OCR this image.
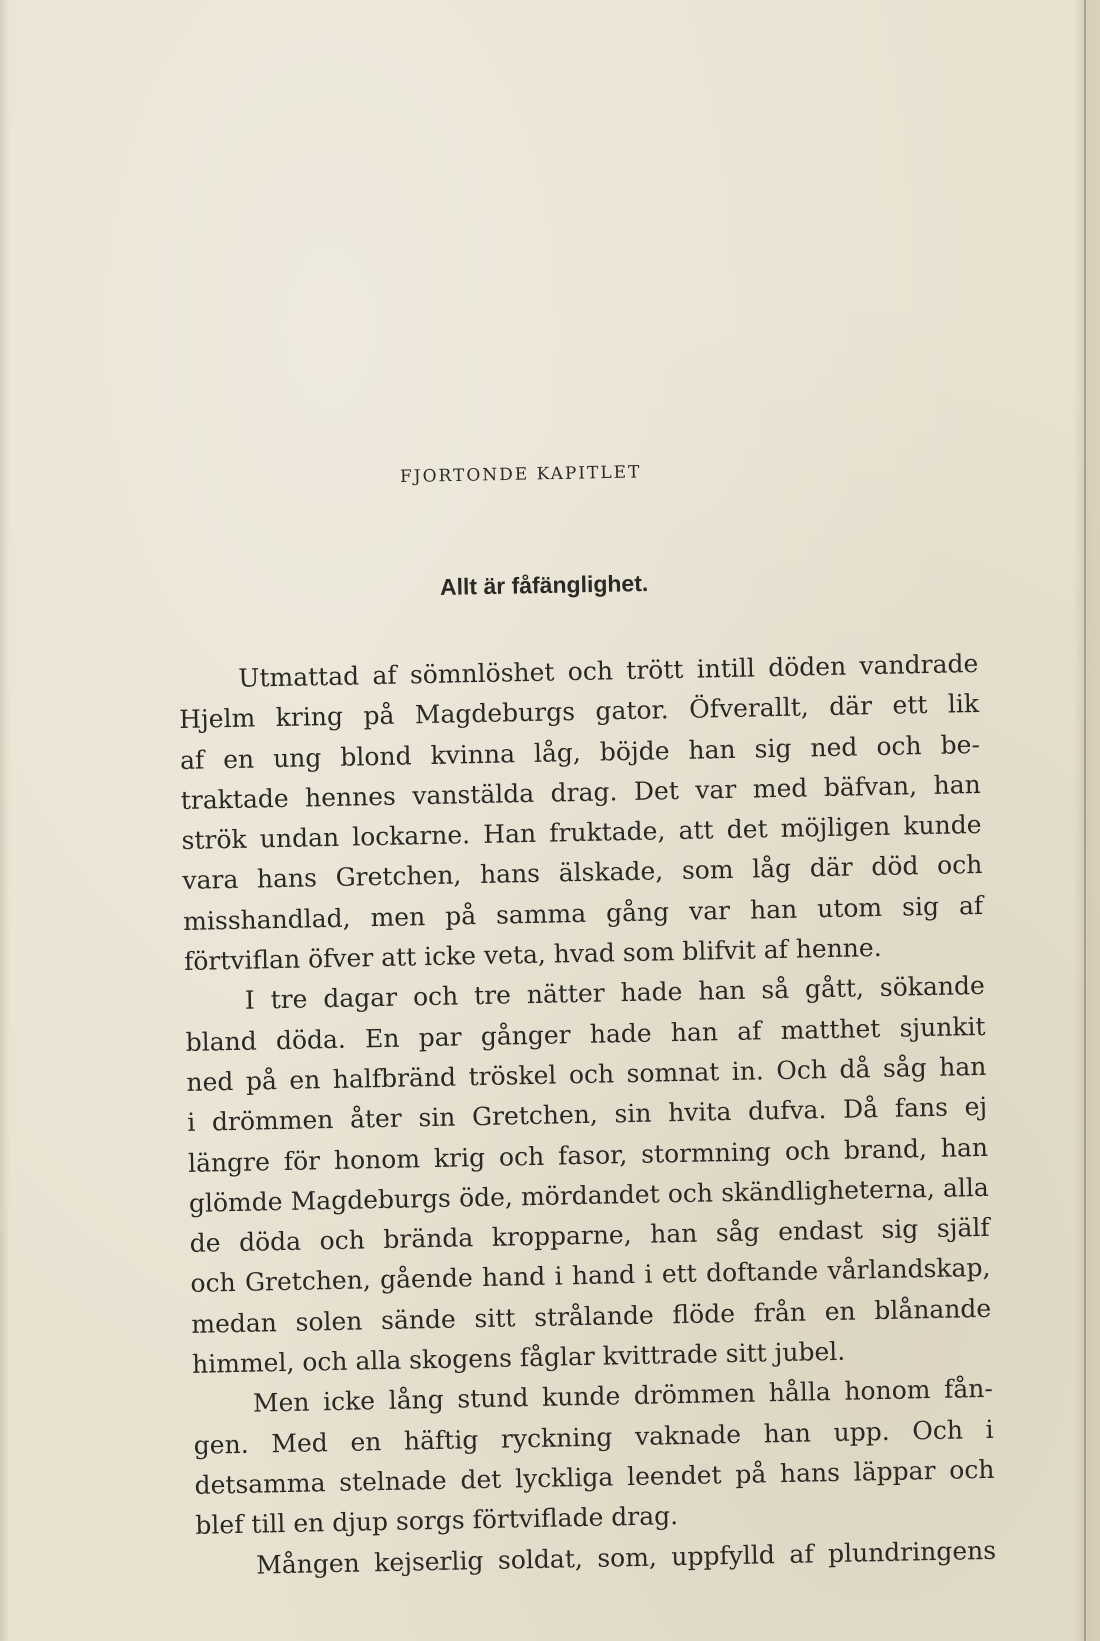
FJORTONDE KAPITLET
Allt är fåfänglighet.
Utmattad af sömnlöshet och trött intill döden vandrade
Hjelm kring på Magdeburgs gator. Öfverallt, där ett lik
af en ung blond kvinna låg, böjde han sig ned och be-
traktade hennes vanstälda drag. Det var med bäfvan, han
strök undan lockarne. Han fruktade, att det möjligen kunde
vara hans Gretchen, hans älskade, som låg där död och
misshandlad, men på samma gång var han utom sig af
förtviflan öfver att icke veta, hvad som blifvit af henne.
I tre dagar och tre nätter hade han så gått, sökande
bland döda. En par gånger hade han af matthet sjunkit
ned på en halfbränd tröskel och somnat in. Och då såg han
i drömmen åter sin Gretchen, sin hvita dufva. Då fans ej
längre för honom krig och fasor, stormning och brand, han
glömde Magdeburgs öde, mördandet och skändligheterna, alla
de döda och brända kropparne, han såg endast sig själf
och Gretchen, gående hand i hand i ett doftande vårlandskap,
medan solen sände sitt strålande flöde från en blånande
himmel, och alla skogens fåglar kvittrade sitt jubel.
Men icke lång stund kunde drömmen hålla honom fån-
gen. Med en häftig ryckning vaknade han upp. Och i
detsamma stelnade det lyckliga leendet på hans läppar och
blef till en djup sorgs förtviflade drag.
Mången kejserlig soldat, som, uppfylld af plundringens
